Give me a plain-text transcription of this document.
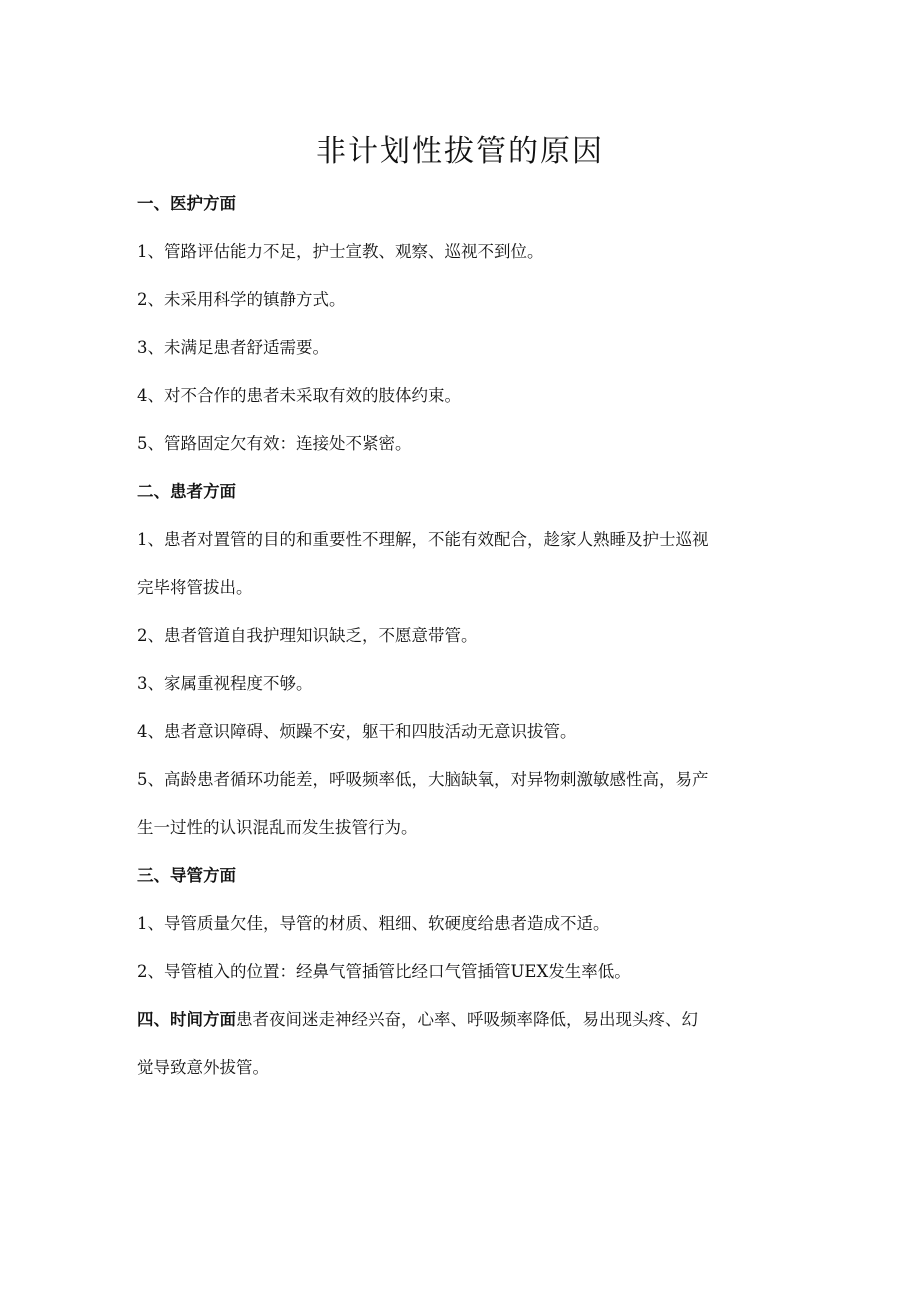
非计划性拔管的原因

一、医护方面

1、管路评估能力不足，护士宣教、观察、巡视不到位。

2、未采用科学的镇静方式。

3、未满足患者舒适需要。

4、对不合作的患者未采取有效的肢体约束。

5、管路固定欠有效：连接处不紧密。

二、患者方面

1、患者对置管的目的和重要性不理解，不能有效配合，趁家人熟睡及护士巡视

完毕将管拔出。

2、患者管道自我护理知识缺乏，不愿意带管。

3、家属重视程度不够。

4、患者意识障碍、烦躁不安，躯干和四肢活动无意识拔管。

5、高龄患者循环功能差，呼吸频率低，大脑缺氧，对异物刺激敏感性高，易产

生一过性的认识混乱而发生拔管行为。

三、导管方面

1、导管质量欠佳，导管的材质、粗细、软硬度给患者造成不适。

2、导管植入的位置：经鼻气管插管比经口气管插管UEX发生率低。

四、时间方面患者夜间迷走神经兴奋，心率、呼吸频率降低，易出现头疼、幻

觉导致意外拔管。
